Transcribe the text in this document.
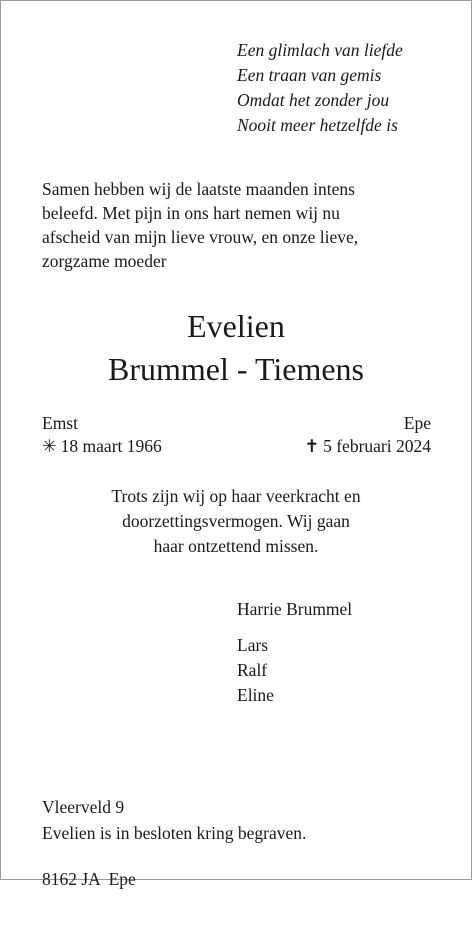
Een glimlach van liefde
Een traan van gemis
Omdat het zonder jou
Nooit meer hetzelfde is
Samen hebben wij de laatste maanden intens
beleefd. Met pijn in ons hart nemen wij nu
afscheid van mijn lieve vrouw, en onze lieve,
zorgzame moeder
Evelien
Brummel - Tiemens
Emst	Epe
✳ 18 maart 1966	✝ 5 februari 2024
Trots zijn wij op haar veerkracht en
doorzettingsvermogen. Wij gaan
haar ontzettend missen.
Harrie Brummel
Lars
Ralf
Eline

Vleerveld 9

8162 JA  Epe

Evelien is in besloten kring begraven.
